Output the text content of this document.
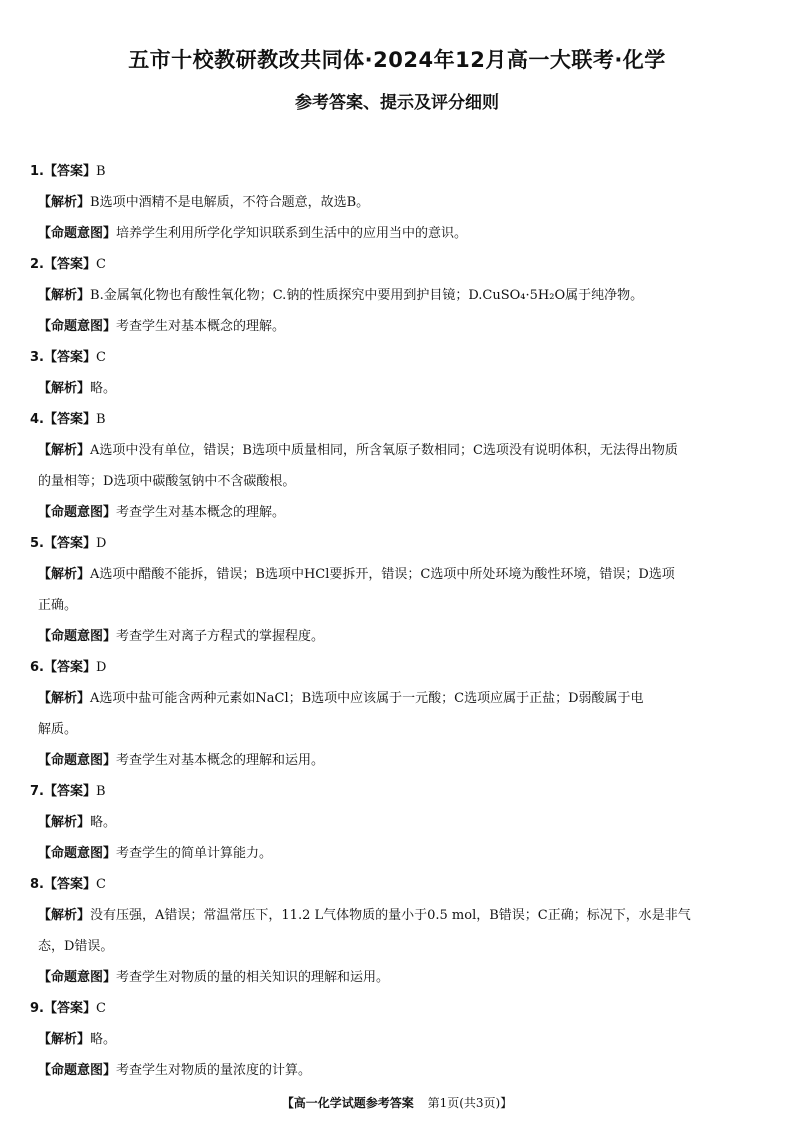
五市十校教研教改共同体·2024年12月高一大联考·化学
参考答案、提示及评分细则
1.【答案】B
【解析】B选项中酒精不是电解质，不符合题意，故选B。
【命题意图】培养学生利用所学化学知识联系到生活中的应用当中的意识。
2.【答案】C
【解析】B.金属氧化物也有酸性氧化物；C.钠的性质探究中要用到护目镜；D.CuSO₄·5H₂O属于纯净物。
【命题意图】考查学生对基本概念的理解。
3.【答案】C
【解析】略。
4.【答案】B
【解析】A选项中没有单位，错误；B选项中质量相同，所含氧原子数相同；C选项没有说明体积，无法得出物质
的量相等；D选项中碳酸氢钠中不含碳酸根。
【命题意图】考查学生对基本概念的理解。
5.【答案】D
【解析】A选项中醋酸不能拆，错误；B选项中HCl要拆开，错误；C选项中所处环境为酸性环境，错误；D选项
正确。
【命题意图】考查学生对离子方程式的掌握程度。
6.【答案】D
【解析】A选项中盐可能含两种元素如NaCl；B选项中应该属于一元酸；C选项应属于正盐；D弱酸属于电
解质。
【命题意图】考查学生对基本概念的理解和运用。
7.【答案】B
【解析】略。
【命题意图】考查学生的简单计算能力。
8.【答案】C
【解析】没有压强，A错误；常温常压下，11.2 L气体物质的量小于0.5 mol，B错误；C正确；标况下，水是非气
态，D错误。
【命题意图】考查学生对物质的量的相关知识的理解和运用。
9.【答案】C
【解析】略。
【命题意图】考查学生对物质的量浓度的计算。
【高一化学试题参考答案 第1页(共3页)】
